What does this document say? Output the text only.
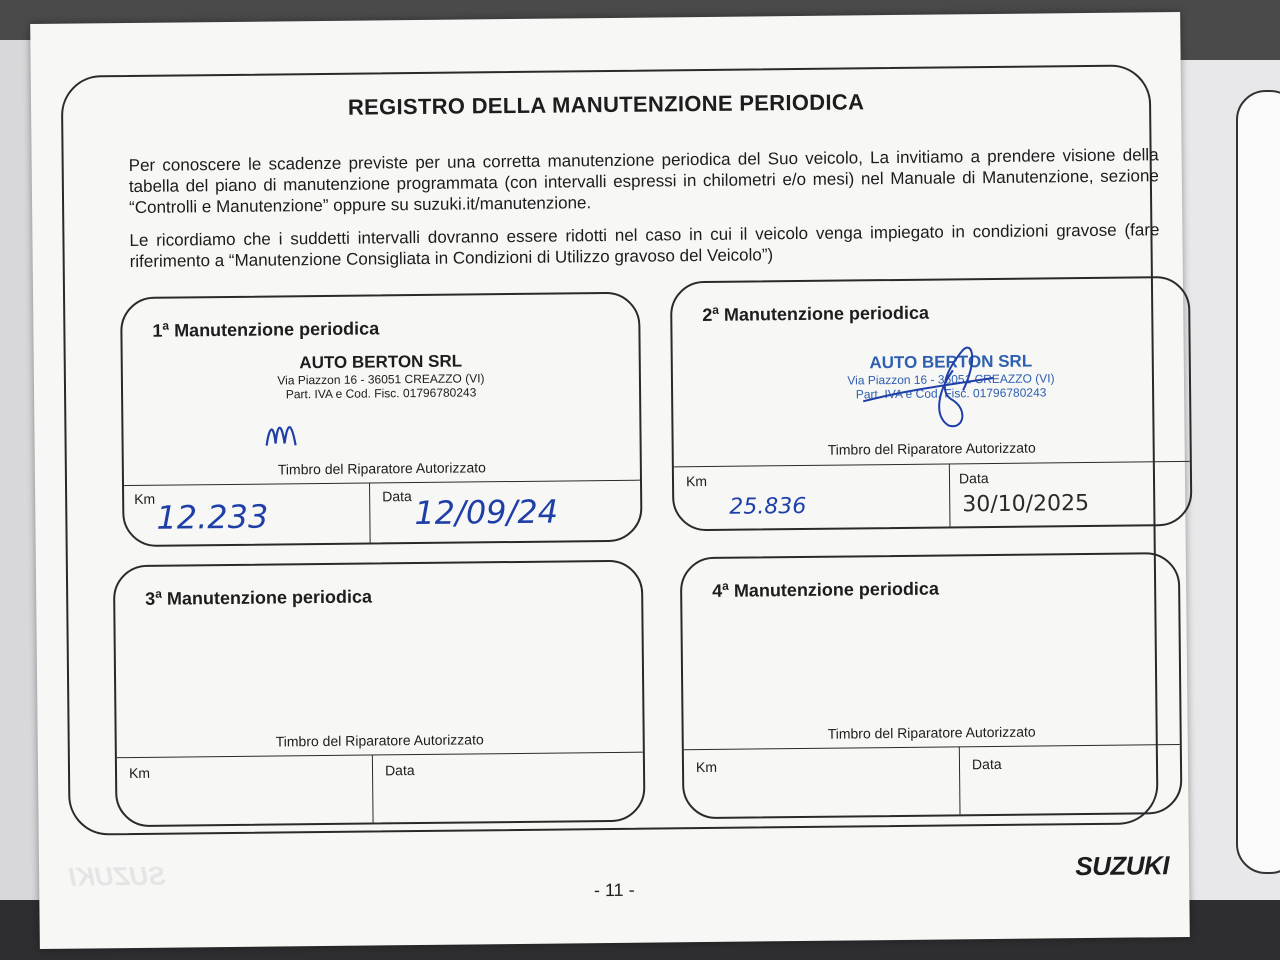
REGISTRO DELLA MANUTENZIONE PERIODICA

Per conoscere le scadenze previste per una corretta manutenzione periodica del Suo veicolo, La invitiamo a prendere visione della tabella del piano di manutenzione programmata (con intervalli espressi in chilometri e/o mesi) nel Manuale di Manutenzione, sezione “Controlli e Manutenzione” oppure su suzuki.it/manutenzione.

Le ricordiamo che i suddetti intervalli dovranno essere ridotti nel caso in cui il veicolo venga impiegato in condizioni gravose (fare riferimento a “Manutenzione Consigliata in Condizioni di Utilizzo gravoso del Veicolo”)

1$^a$ Manutenzione periodica
AUTO BERTON SRL
Via Piazzon 16 - 36051 CREAZZO (VI)
Part. IVA e Cod. Fisc. 01796780243
Timbro del Riparatore Autorizzato
Km	Data
12.233	12/09/24
2$^a$ Manutenzione periodica
AUTO BERTON SRL
Via Piazzon 16 - 36051 CREAZZO (VI)
Part. IVA e Cod. Fisc. 01796780243
Timbro del Riparatore Autorizzato
Km	Data
25.836	30/10/2025
3$^a$ Manutenzione periodica
Timbro del Riparatore Autorizzato
Km	Data
4$^a$ Manutenzione periodica
Timbro del Riparatore Autorizzato
Km	Data
SUZUKI	- 11 -
SUZUKI
